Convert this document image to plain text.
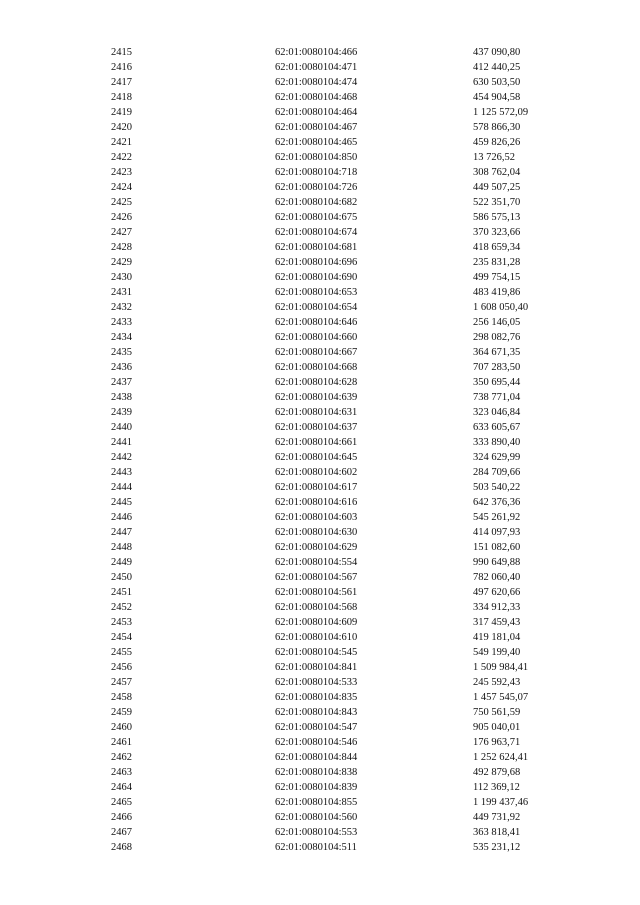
2415	62:01:0080104:466	437 090,80
2416	62:01:0080104:471	412 440,25
2417	62:01:0080104:474	630 503,50
2418	62:01:0080104:468	454 904,58
2419	62:01:0080104:464	1 125 572,09
2420	62:01:0080104:467	578 866,30
2421	62:01:0080104:465	459 826,26
2422	62:01:0080104:850	13 726,52
2423	62:01:0080104:718	308 762,04
2424	62:01:0080104:726	449 507,25
2425	62:01:0080104:682	522 351,70
2426	62:01:0080104:675	586 575,13
2427	62:01:0080104:674	370 323,66
2428	62:01:0080104:681	418 659,34
2429	62:01:0080104:696	235 831,28
2430	62:01:0080104:690	499 754,15
2431	62:01:0080104:653	483 419,86
2432	62:01:0080104:654	1 608 050,40
2433	62:01:0080104:646	256 146,05
2434	62:01:0080104:660	298 082,76
2435	62:01:0080104:667	364 671,35
2436	62:01:0080104:668	707 283,50
2437	62:01:0080104:628	350 695,44
2438	62:01:0080104:639	738 771,04
2439	62:01:0080104:631	323 046,84
2440	62:01:0080104:637	633 605,67
2441	62:01:0080104:661	333 890,40
2442	62:01:0080104:645	324 629,99
2443	62:01:0080104:602	284 709,66
2444	62:01:0080104:617	503 540,22
2445	62:01:0080104:616	642 376,36
2446	62:01:0080104:603	545 261,92
2447	62:01:0080104:630	414 097,93
2448	62:01:0080104:629	151 082,60
2449	62:01:0080104:554	990 649,88
2450	62:01:0080104:567	782 060,40
2451	62:01:0080104:561	497 620,66
2452	62:01:0080104:568	334 912,33
2453	62:01:0080104:609	317 459,43
2454	62:01:0080104:610	419 181,04
2455	62:01:0080104:545	549 199,40
2456	62:01:0080104:841	1 509 984,41
2457	62:01:0080104:533	245 592,43
2458	62:01:0080104:835	1 457 545,07
2459	62:01:0080104:843	750 561,59
2460	62:01:0080104:547	905 040,01
2461	62:01:0080104:546	176 963,71
2462	62:01:0080104:844	1 252 624,41
2463	62:01:0080104:838	492 879,68
2464	62:01:0080104:839	112 369,12
2465	62:01:0080104:855	1 199 437,46
2466	62:01:0080104:560	449 731,92
2467	62:01:0080104:553	363 818,41
2468	62:01:0080104:511	535 231,12
